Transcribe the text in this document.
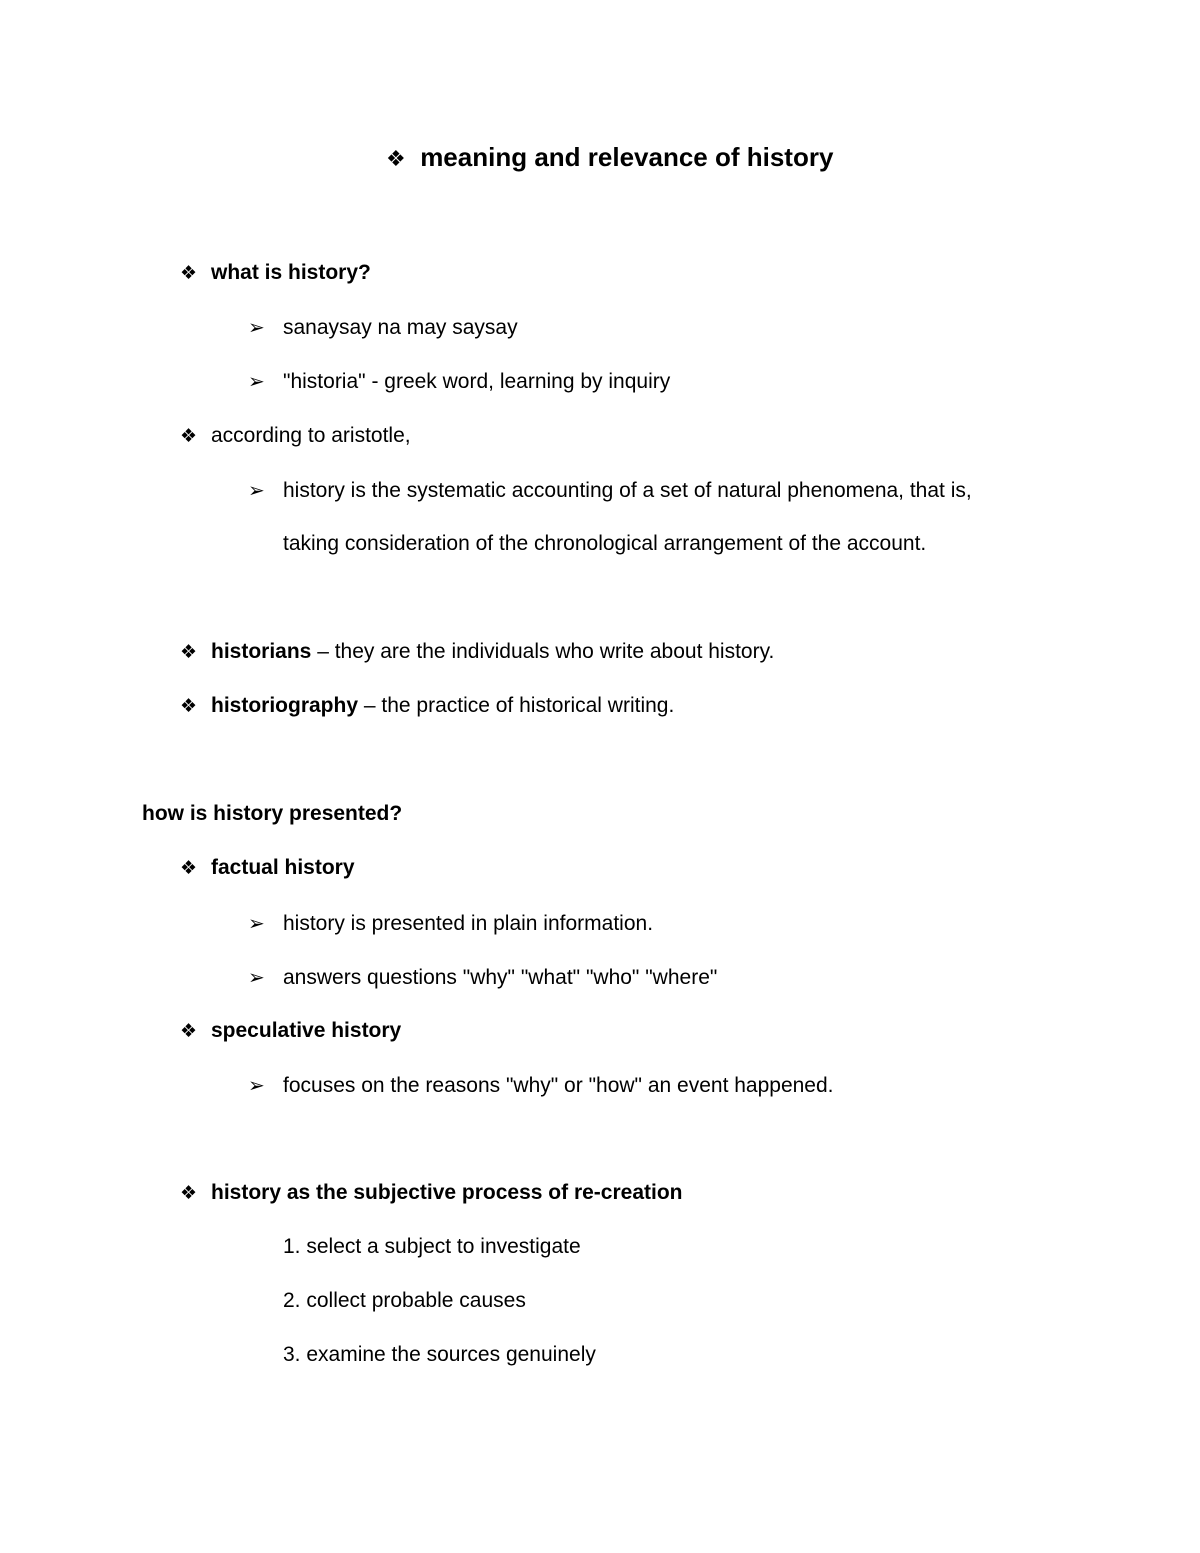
❖ meaning and relevance of history
❖ what is history?
➢ sanaysay na may saysay
➢ "historia" - greek word, learning by inquiry
❖ according to aristotle,
➢ history is the systematic accounting of a set of natural phenomena, that is,
taking consideration of the chronological arrangement of the account.
❖ historians – they are the individuals who write about history.
❖ historiography – the practice of historical writing.
how is history presented?
❖ factual history
➢ history is presented in plain information.
➢ answers questions "why" "what" "who" "where"
❖ speculative history
➢ focuses on the reasons "why" or "how" an event happened.
❖ history as the subjective process of re-creation
1. select a subject to investigate
2. collect probable causes
3. examine the sources genuinely
